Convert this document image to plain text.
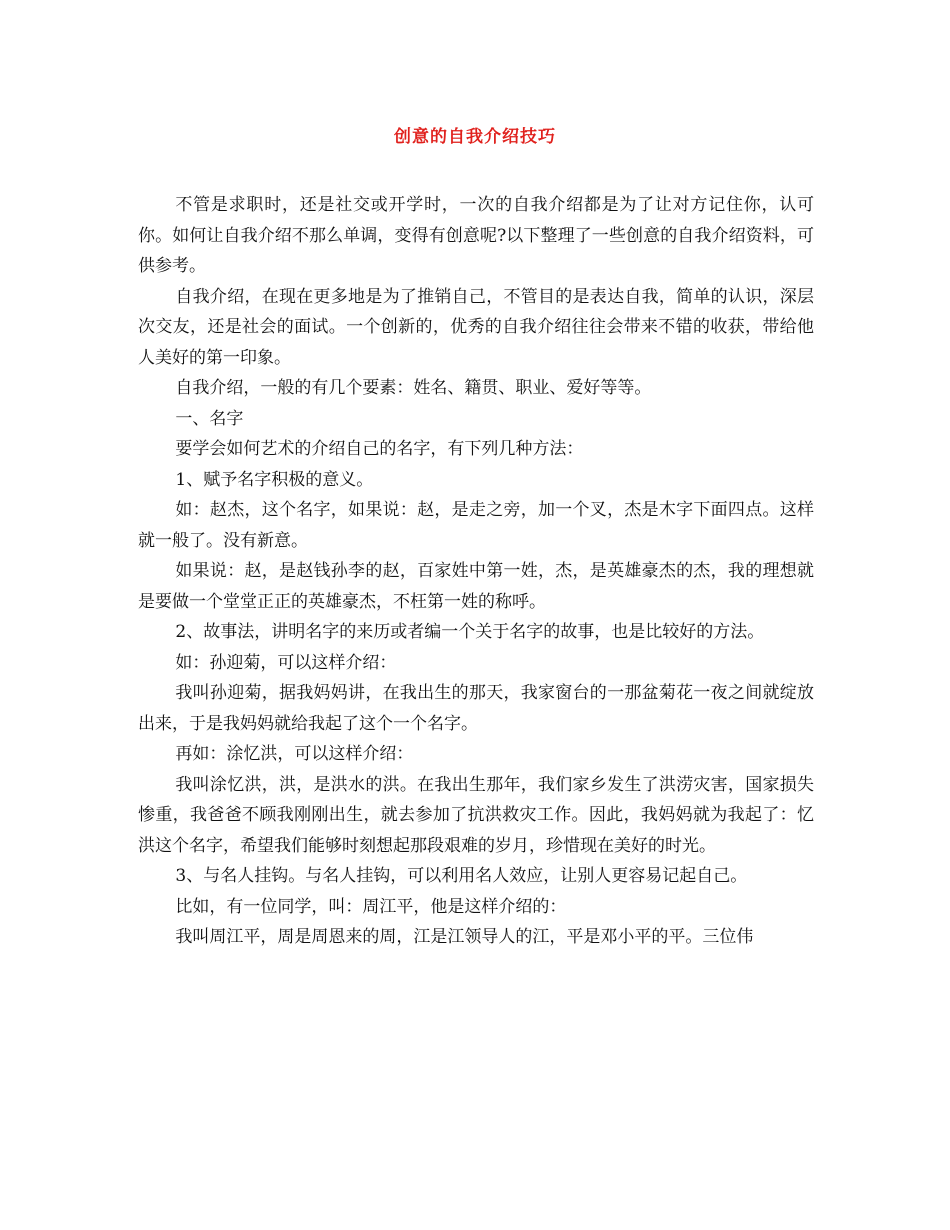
创意的自我介绍技巧

不管是求职时，还是社交或开学时，一次的自我介绍都是为了让对方记住你，认可你。如何让自我介绍不那么单调，变得有创意呢?以下整理了一些创意的自我介绍资料，可供参考。

自我介绍，在现在更多地是为了推销自己，不管目的是表达自我，简单的认识，深层次交友，还是社会的面试。一个创新的，优秀的自我介绍往往会带来不错的收获，带给他人美好的第一印象。

自我介绍，一般的有几个要素：姓名、籍贯、职业、爱好等等。

一、名字

要学会如何艺术的介绍自己的名字，有下列几种方法：

1、赋予名字积极的意义。

如：赵杰，这个名字，如果说：赵，是走之旁，加一个叉，杰是木字下面四点。这样就一般了。没有新意。

如果说：赵，是赵钱孙李的赵，百家姓中第一姓，杰，是英雄豪杰的杰，我的理想就是要做一个堂堂正正的英雄豪杰，不枉第一姓的称呼。

2、故事法，讲明名字的来历或者编一个关于名字的故事，也是比较好的方法。

如：孙迎菊，可以这样介绍：

我叫孙迎菊，据我妈妈讲，在我出生的那天，我家窗台的一那盆菊花一夜之间就绽放出来，于是我妈妈就给我起了这个一个名字。

再如：涂忆洪，可以这样介绍：

我叫涂忆洪，洪，是洪水的洪。在我出生那年，我们家乡发生了洪涝灾害，国家损失惨重，我爸爸不顾我刚刚出生，就去参加了抗洪救灾工作。因此，我妈妈就为我起了：忆洪这个名字，希望我们能够时刻想起那段艰难的岁月，珍惜现在美好的时光。

3、与名人挂钩。与名人挂钩，可以利用名人效应，让别人更容易记起自己。

比如，有一位同学，叫：周江平，他是这样介绍的：

我叫周江平，周是周恩来的周，江是江领导人的江，平是邓小平的平。三位伟
